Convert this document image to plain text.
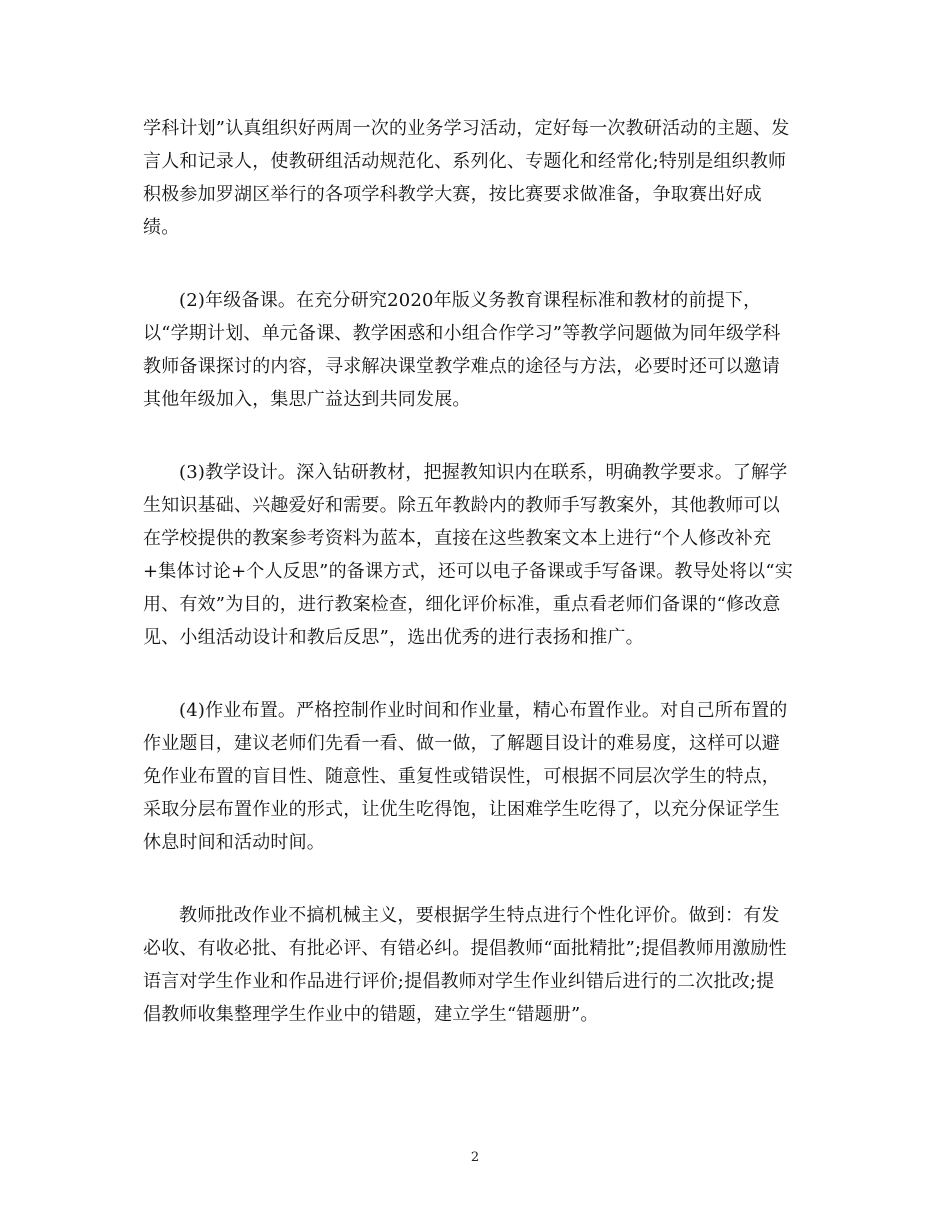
学科计划”认真组织好两周一次的业务学习活动，定好每一次教研活动的主题、发
言人和记录人，使教研组活动规范化、系列化、专题化和经常化;特别是组织教师
积极参加罗湖区举行的各项学科教学大赛，按比赛要求做准备，争取赛出好成
绩。

(2)年级备课。在充分研究2020年版义务教育课程标准和教材的前提下，
以“学期计划、单元备课、教学困惑和小组合作学习”等教学问题做为同年级学科
教师备课探讨的内容，寻求解决课堂教学难点的途径与方法，必要时还可以邀请
其他年级加入，集思广益达到共同发展。

(3)教学设计。深入钻研教材，把握教知识内在联系，明确教学要求。了解学
生知识基础、兴趣爱好和需要。除五年教龄内的教师手写教案外，其他教师可以
在学校提供的教案参考资料为蓝本，直接在这些教案文本上进行“个人修改补充
+集体讨论+个人反思”的备课方式，还可以电子备课或手写备课。教导处将以“实
用、有效”为目的，进行教案检查，细化评价标准，重点看老师们备课的“修改意
见、小组活动设计和教后反思”，选出优秀的进行表扬和推广。

(4)作业布置。严格控制作业时间和作业量，精心布置作业。对自己所布置的
作业题目，建议老师们先看一看、做一做，了解题目设计的难易度，这样可以避
免作业布置的盲目性、随意性、重复性或错误性，可根据不同层次学生的特点，
采取分层布置作业的形式，让优生吃得饱，让困难学生吃得了，以充分保证学生
休息时间和活动时间。

教师批改作业不搞机械主义，要根据学生特点进行个性化评价。做到：有发
必收、有收必批、有批必评、有错必纠。提倡教师“面批精批”;提倡教师用激励性
语言对学生作业和作品进行评价;提倡教师对学生作业纠错后进行的二次批改;提
倡教师收集整理学生作业中的错题，建立学生“错题册”。

2
